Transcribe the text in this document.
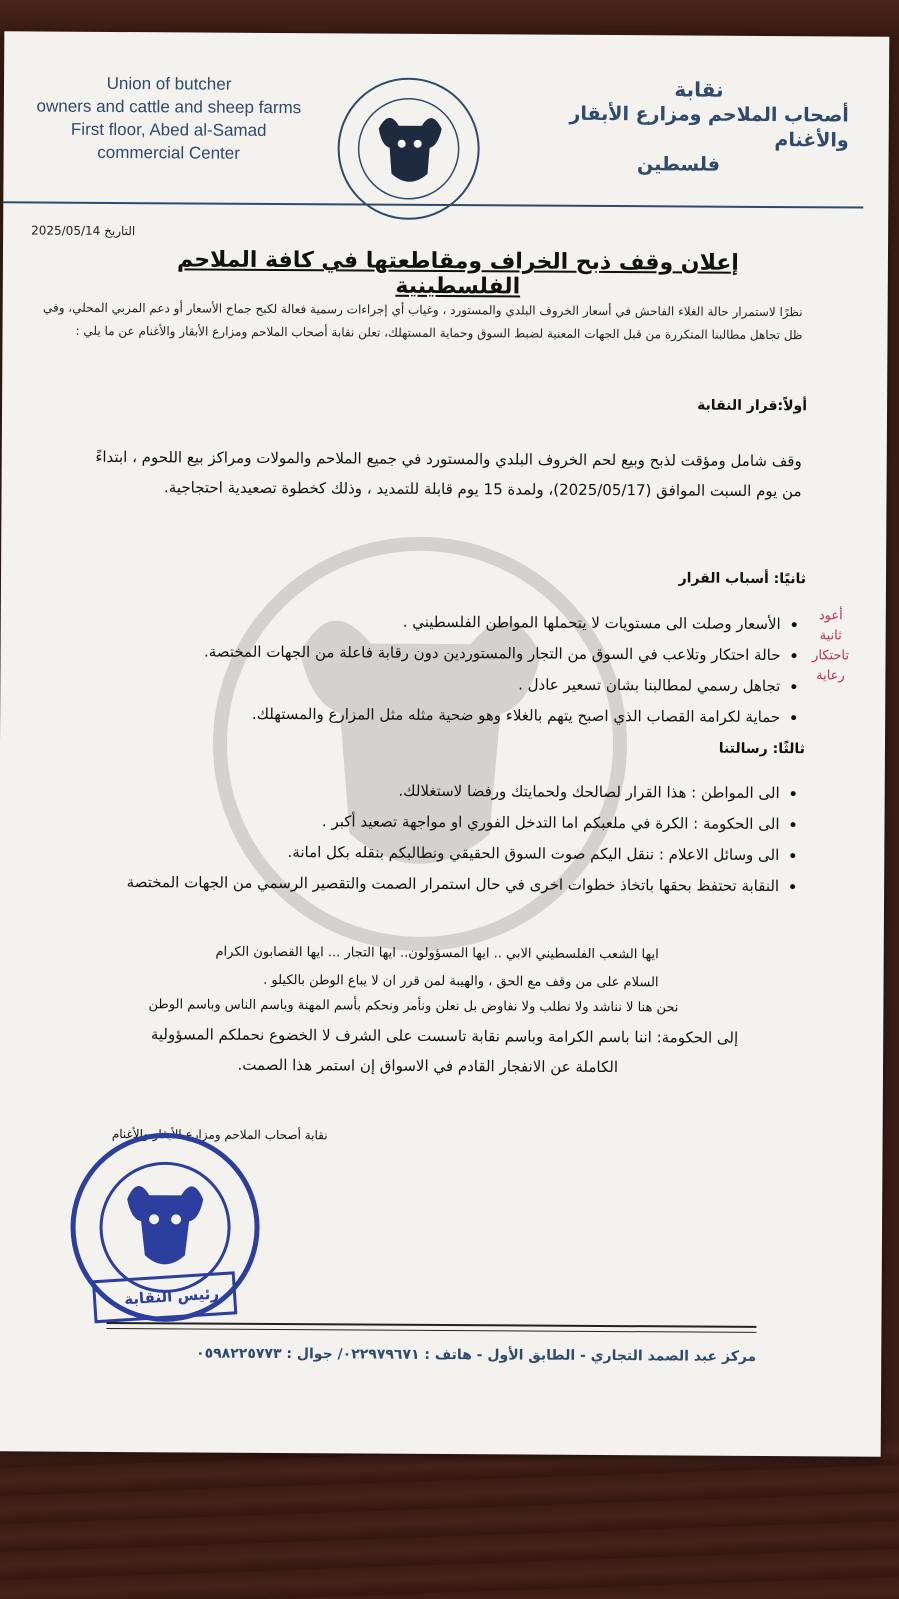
Union of butcher
owners and cattle and sheep farms
First floor, Abed al-Samad
commercial Center
نقابة
أصحاب الملاحم ومزارع الأبقار والأغنام
فلسطين
2025/05/14 التاريخ
إعلان وقف ذبح الخراف ومقاطعتها في كافة الملاحم الفلسطينية
نظرًا لاستمرار حالة الغلاء الفاحش في أسعار الخروف البلدي والمستورد ، وغياب أي إجراءات رسمية فعالة لكبح جماح الأسعار أو دعم المربي المحلي، وفي ظل تجاهل مطالبنا المتكررة من قبل الجهات المعنية لضبط السوق وحماية المستهلك، تعلن نقابة أصحاب الملاحم ومزارع الأبقار والأغنام عن ما يلي :
أولاً:قرار النقابة
وقف شامل ومؤقت لذبح وبيع لحم الخروف البلدي والمستورد في جميع الملاحم والمولات ومراكز بيع اللحوم ، ابتداءً من يوم السبت الموافق (2025/05/17)، ولمدة 15 يوم قابلة للتمديد ، وذلك كخطوة تصعيدية احتجاجية.
ثانيًا: أسباب القرار
• الأسعار وصلت الى مستويات لا يتحملها المواطن الفلسطيني .
• حالة احتكار وتلاعب في السوق من التجار والمستوردين دون رقابة فاعلة من الجهات المختصة.
• تجاهل رسمي لمطالبنا بشان تسعير عادل .
• حماية لكرامة القصاب الذي اصبح يتهم بالغلاء وهو ضحية مثله مثل المزارع والمستهلك.
أعود
ثانية
تاحتكار
رعاية
ثالثًا: رسالتنا
• الى المواطن : هذا القرار لصالحك ولحمايتك ورفضا لاستغلالك.
• الى الحكومة : الكرة في ملعبكم اما التدخل الفوري او مواجهة تصعيد أكبر .
• الى وسائل الاعلام : ننقل اليكم صوت السوق الحقيقي ونطالبكم بنقله بكل امانة.
• النقابة تحتفظ بحقها باتخاذ خطوات اخرى في حال استمرار الصمت والتقصير الرسمي من الجهات المختصة
ايها الشعب الفلسطيني الابي .. ايها المسؤولون.. ايها التجار ... ايها القصابون الكرام
السلام على من وقف مع الحق ، والهيبة لمن قرر ان لا يباع الوطن بالكيلو .
نحن هنا لا نناشد ولا نطلب ولا نفاوض بل نعلن ونأمر ونحكم بأسم المهنة وباسم الناس وباسم الوطن
إلى الحكومة: اننا باسم الكرامة وباسم نقابة تاسست على الشرف لا الخضوع نحملكم المسؤولية
الكاملة عن الانفجار القادم في الاسواق إن استمر هذا الصمت.
نقابة أصحاب الملاحم ومزارع الأبقار والأغنام
رئيس النقابة
مركز عبد الصمد التجاري - الطابق الأول - هاتف : ٠٢٢٩٧٩٦٧١/ جوال : ٠٥٩٨٢٢٥٧٧٣
